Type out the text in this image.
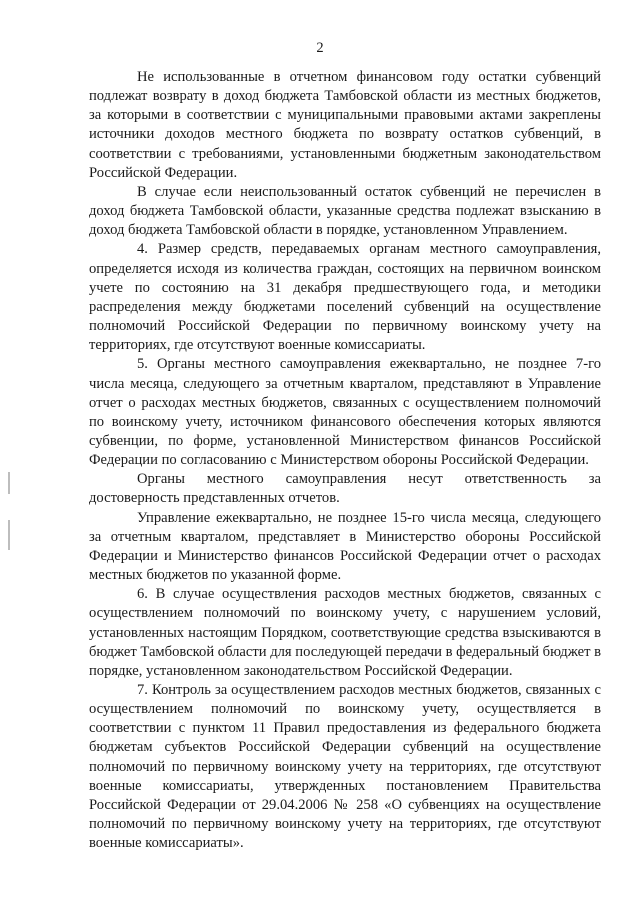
2

Не использованные в отчетном финансовом году остатки субвенций подлежат возврату в доход бюджета Тамбовской области из местных бюджетов, за которыми в соответствии с муниципальными правовыми актами закреплены источники доходов местного бюджета по возврату остатков субвенций, в соответствии с требованиями, установленными бюджетным законодательством Российской Федерации.

В случае если неиспользованный остаток субвенций не перечислен в доход бюджета Тамбовской области, указанные средства подлежат взысканию в доход бюджета Тамбовской области в порядке, установленном Управлением.

4. Размер средств, передаваемых органам местного самоуправления, определяется исходя из количества граждан, состоящих на первичном воинском учете по состоянию на 31 декабря предшествующего года, и методики распределения между бюджетами поселений субвенций на осуществление полномочий Российской Федерации по первичному воинскому учету на территориях, где отсутствуют военные комиссариаты.

5. Органы местного самоуправления ежеквартально, не позднее 7-го числа месяца, следующего за отчетным кварталом, представляют в Управление отчет о расходах местных бюджетов, связанных с осуществлением полномочий по воинскому учету, источником финансового обеспечения которых являются субвенции, по форме, установленной Министерством финансов Российской Федерации по согласованию с Министерством обороны Российской Федерации.

Органы местного самоуправления несут ответственность за достоверность представленных отчетов.

Управление ежеквартально, не позднее 15-го числа месяца, следующего за отчетным кварталом, представляет в Министерство обороны Российской Федерации и Министерство финансов Российской Федерации отчет о расходах местных бюджетов по указанной форме.

6. В случае осуществления расходов местных бюджетов, связанных с осуществлением полномочий по воинскому учету, с нарушением условий, установленных настоящим Порядком, соответствующие средства взыскиваются в бюджет Тамбовской области для последующей передачи в федеральный бюджет в порядке, установленном законодательством Российской Федерации.

7. Контроль за осуществлением расходов местных бюджетов, связанных с осуществлением полномочий по воинскому учету, осуществляется в соответствии с пунктом 11 Правил предоставления из федерального бюджета бюджетам субъектов Российской Федерации субвенций на осуществление полномочий по первичному воинскому учету на территориях, где отсутствуют военные комиссариаты, утвержденных постановлением Правительства Российской Федерации от 29.04.2006 № 258 «О субвенциях на осуществление полномочий по первичному воинскому учету на территориях, где отсутствуют военные комиссариаты».
